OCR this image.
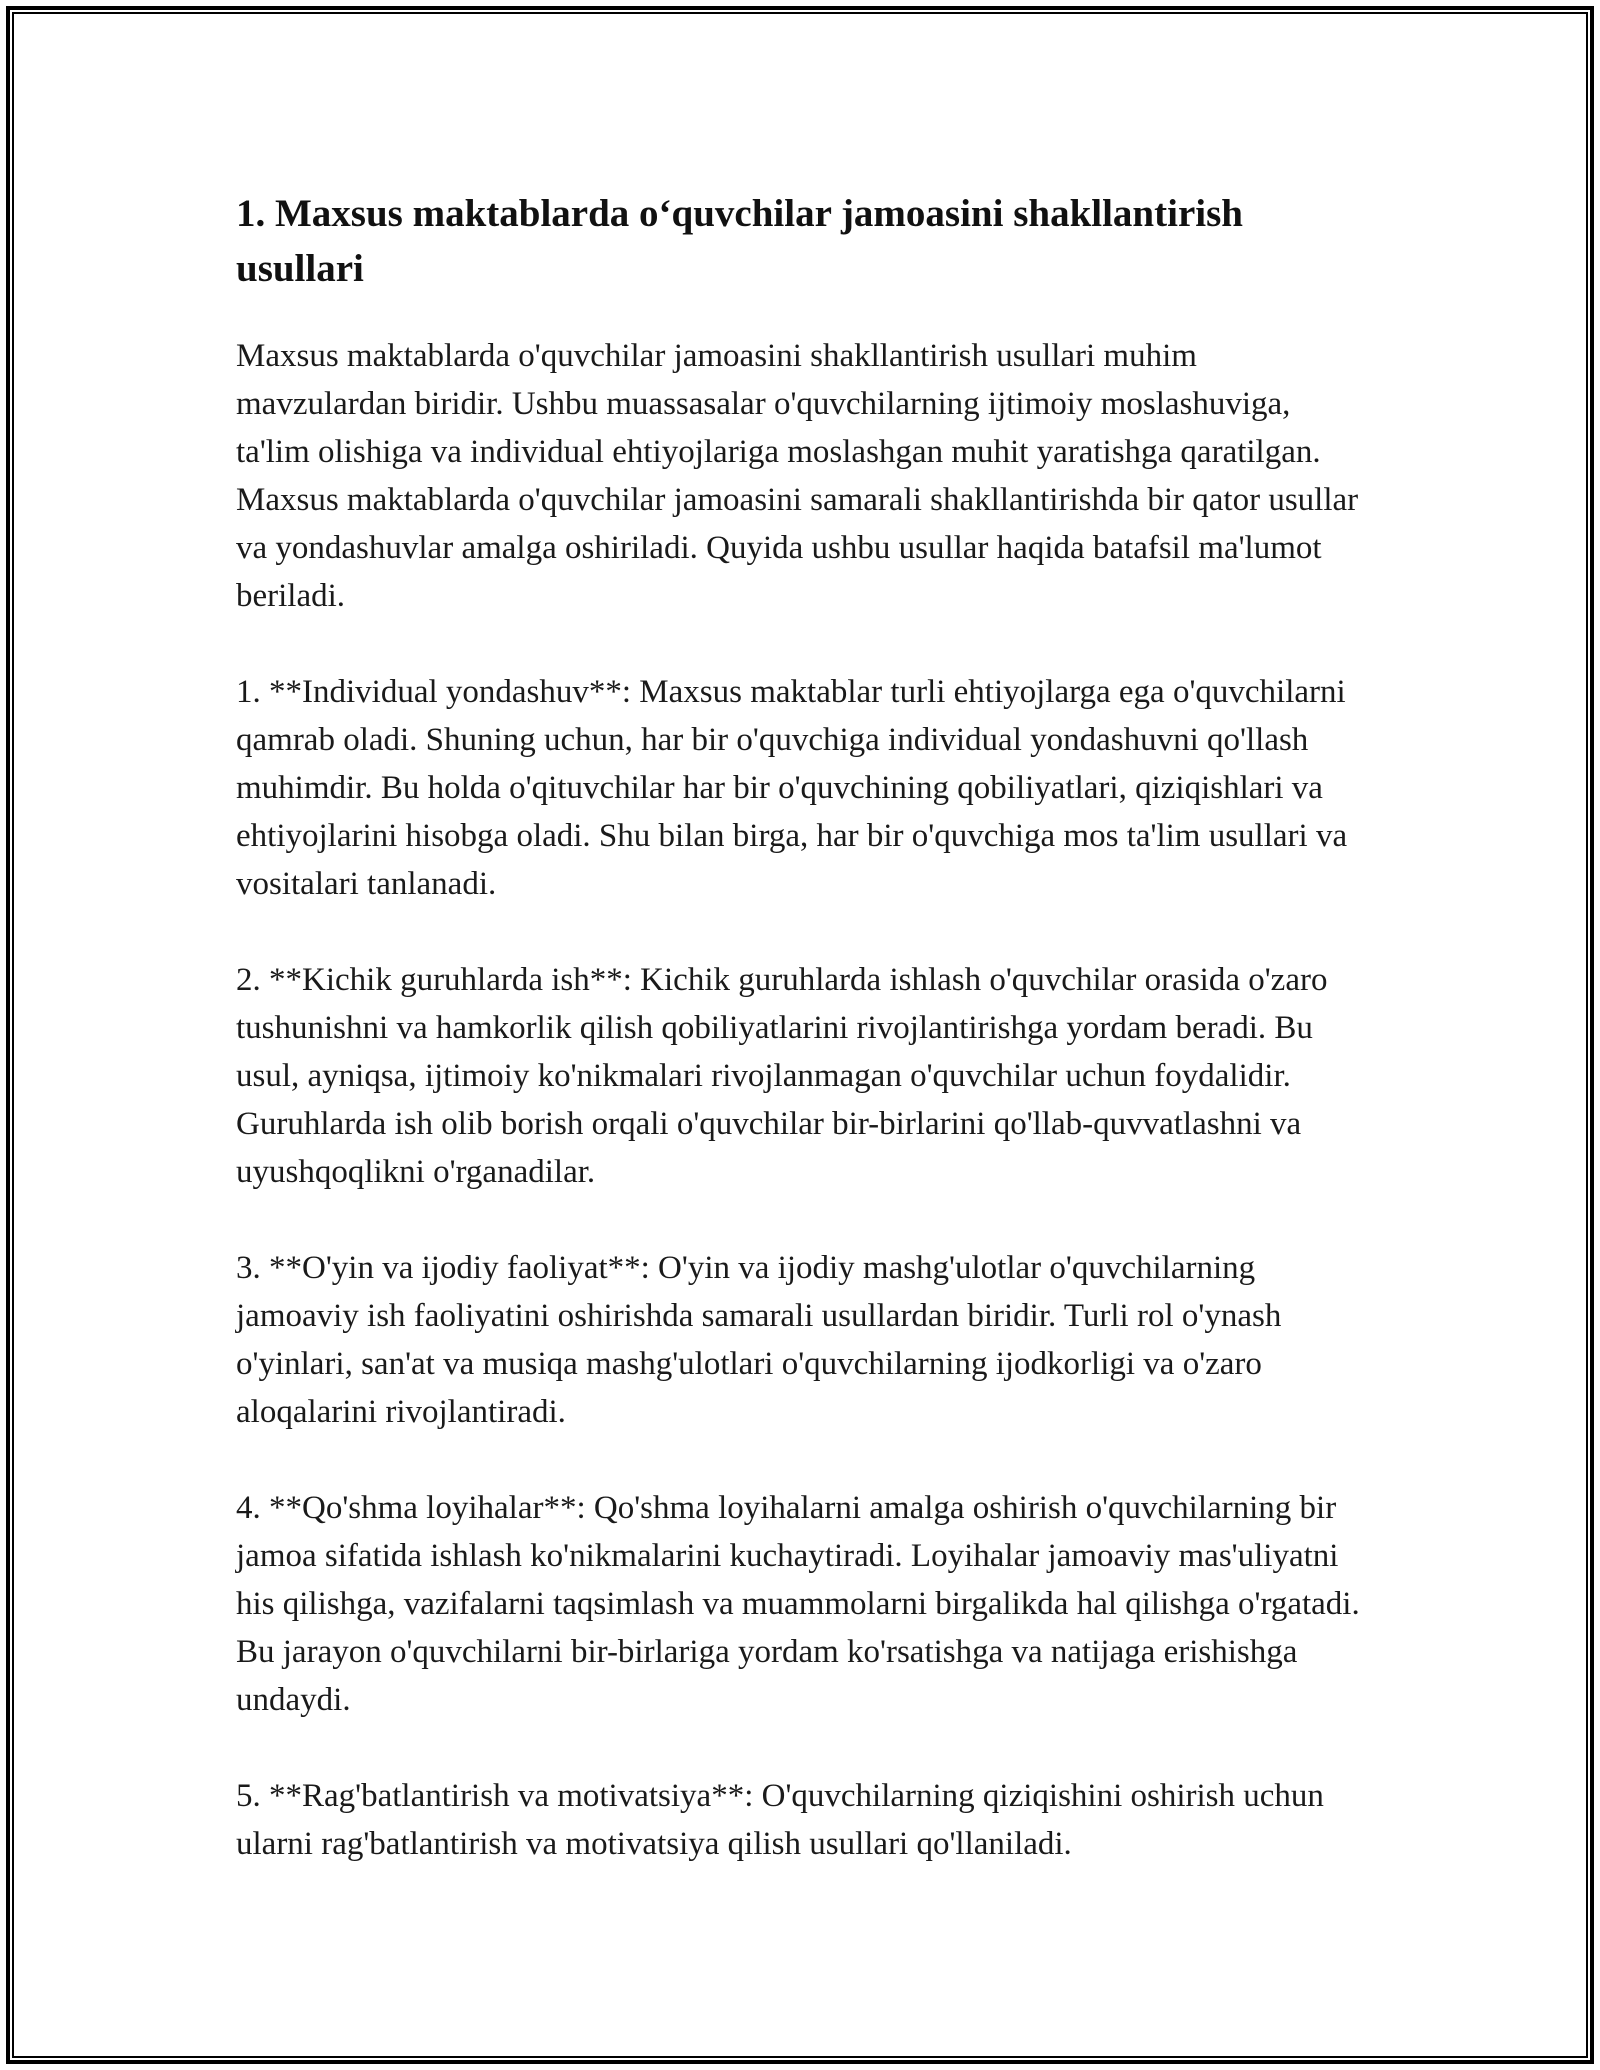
1. Maxsus maktablarda o‘quvchilar jamoasini shakllantirish usullari

Maxsus maktablarda o'quvchilar jamoasini shakllantirish usullari muhim mavzulardan biridir. Ushbu muassasalar o'quvchilarning ijtimoiy moslashuviga, ta'lim olishiga va individual ehtiyojlariga moslashgan muhit yaratishga qaratilgan. Maxsus maktablarda o'quvchilar jamoasini samarali shakllantirishda bir qator usullar va yondashuvlar amalga oshiriladi. Quyida ushbu usullar haqida batafsil ma'lumot beriladi.

1. **Individual yondashuv**: Maxsus maktablar turli ehtiyojlarga ega o'quvchilarni qamrab oladi. Shuning uchun, har bir o'quvchiga individual yondashuvni qo'llash muhimdir. Bu holda o'qituvchilar har bir o'quvchining qobiliyatlari, qiziqishlari va ehtiyojlarini hisobga oladi. Shu bilan birga, har bir o'quvchiga mos ta'lim usullari va vositalari tanlanadi.

2. **Kichik guruhlarda ish**: Kichik guruhlarda ishlash o'quvchilar orasida o'zaro tushunishni va hamkorlik qilish qobiliyatlarini rivojlantirishga yordam beradi. Bu usul, ayniqsa, ijtimoiy ko'nikmalari rivojlanmagan o'quvchilar uchun foydalidir. Guruhlarda ish olib borish orqali o'quvchilar bir-birlarini qo'llab-quvvatlashni va uyushqoqlikni o'rganadilar.

3. **O'yin va ijodiy faoliyat**: O'yin va ijodiy mashg'ulotlar o'quvchilarning jamoaviy ish faoliyatini oshirishda samarali usullardan biridir. Turli rol o'ynash o'yinlari, san'at va musiqa mashg'ulotlari o'quvchilarning ijodkorligi va o'zaro aloqalarini rivojlantiradi.

4. **Qo'shma loyihalar**: Qo'shma loyihalarni amalga oshirish o'quvchilarning bir jamoa sifatida ishlash ko'nikmalarini kuchaytiradi. Loyihalar jamoaviy mas'uliyatni his qilishga, vazifalarni taqsimlash va muammolarni birgalikda hal qilishga o'rgatadi. Bu jarayon o'quvchilarni bir-birlariga yordam ko'rsatishga va natijaga erishishga undaydi.

5. **Rag'batlantirish va motivatsiya**: O'quvchilarning qiziqishini oshirish uchun ularni rag'batlantirish va motivatsiya qilish usullari qo'llaniladi.
